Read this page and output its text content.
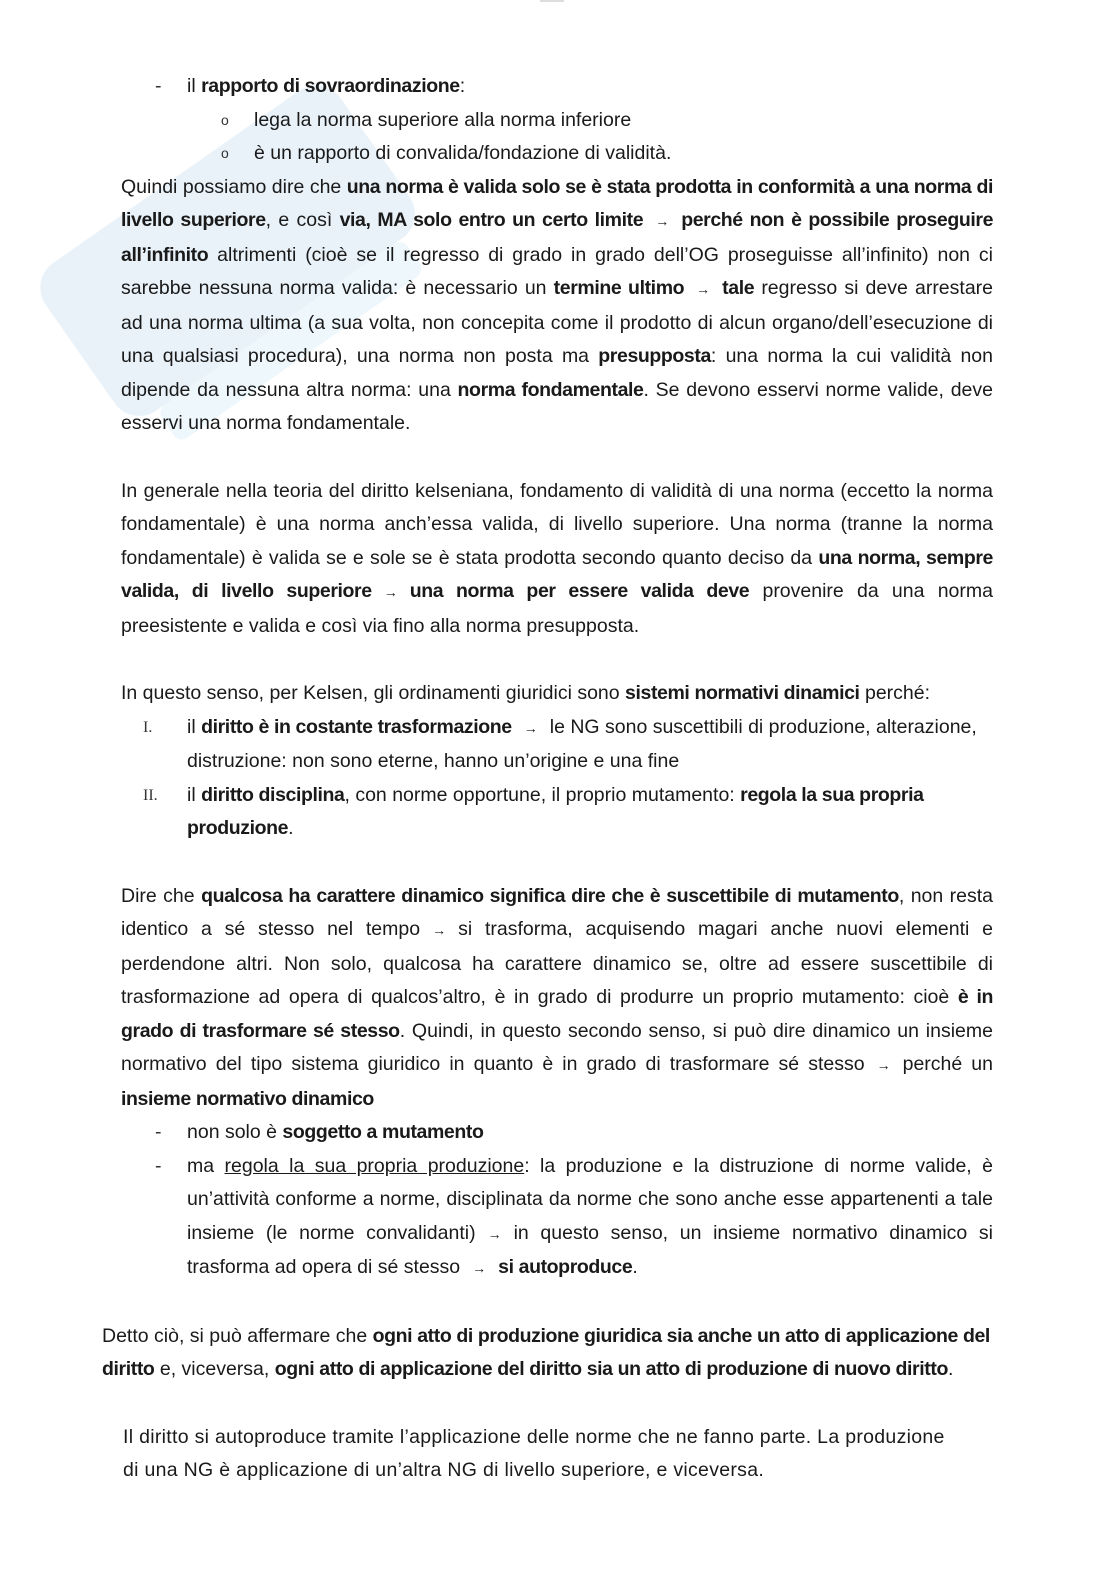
-	il rapporto di sovraordinazione:
o	lega la norma superiore alla norma inferiore
o	è un rapporto di convalida/fondazione di validità.

Quindi possiamo dire che una norma è valida solo se è stata prodotta in conformità a una norma di livello superiore, e così via, MA solo entro un certo limite → perché non è possibile proseguire all’infinito altrimenti (cioè se il regresso di grado in grado dell’OG proseguisse all’infinito) non ci sarebbe nessuna norma valida: è necessario un termine ultimo → tale regresso si deve arrestare ad una norma ultima (a sua volta, non concepita come il prodotto di alcun organo/dell’esecuzione di una qualsiasi procedura), una norma non posta ma presupposta: una norma la cui validità non dipende da nessuna altra norma: una norma fondamentale. Se devono esservi norme valide, deve esservi una norma fondamentale.

In generale nella teoria del diritto kelseniana, fondamento di validità di una norma (eccetto la norma fondamentale) è una norma anch’essa valida, di livello superiore. Una norma (tranne la norma fondamentale) è valida se e sole se è stata prodotta secondo quanto deciso da una norma, sempre valida, di livello superiore → una norma per essere valida deve provenire da una norma preesistente e valida e così via fino alla norma presupposta.

In questo senso, per Kelsen, gli ordinamenti giuridici sono sistemi normativi dinamici perché:

I.	il diritto è in costante trasformazione → le NG sono suscettibili di produzione, alterazione, distruzione: non sono eterne, hanno un’origine e una fine
II.	il diritto disciplina, con norme opportune, il proprio mutamento: regola la sua propria produzione.

Dire che qualcosa ha carattere dinamico significa dire che è suscettibile di mutamento, non resta identico a sé stesso nel tempo → si trasforma, acquisendo magari anche nuovi elementi e perdendone altri. Non solo, qualcosa ha carattere dinamico se, oltre ad essere suscettibile di trasformazione ad opera di qualcos’altro, è in grado di produrre un proprio mutamento: cioè è in grado di trasformare sé stesso. Quindi, in questo secondo senso, si può dire dinamico un insieme normativo del tipo sistema giuridico in quanto è in grado di trasformare sé stesso → perché un insieme normativo dinamico

-	non solo è soggetto a mutamento
-	ma regola la sua propria produzione: la produzione e la distruzione di norme valide, è un’attività conforme a norme, disciplinata da norme che sono anche esse appartenenti a tale insieme (le norme convalidanti) → in questo senso, un insieme normativo dinamico si trasforma ad opera di sé stesso → si autoproduce.

Detto ciò, si può affermare che ogni atto di produzione giuridica sia anche un atto di applicazione del diritto e, viceversa, ogni atto di applicazione del diritto sia un atto di produzione di nuovo diritto.

Il diritto si autoproduce tramite l’applicazione delle norme che ne fanno parte. La produzione di una NG è applicazione di un’altra NG di livello superiore, e viceversa.
